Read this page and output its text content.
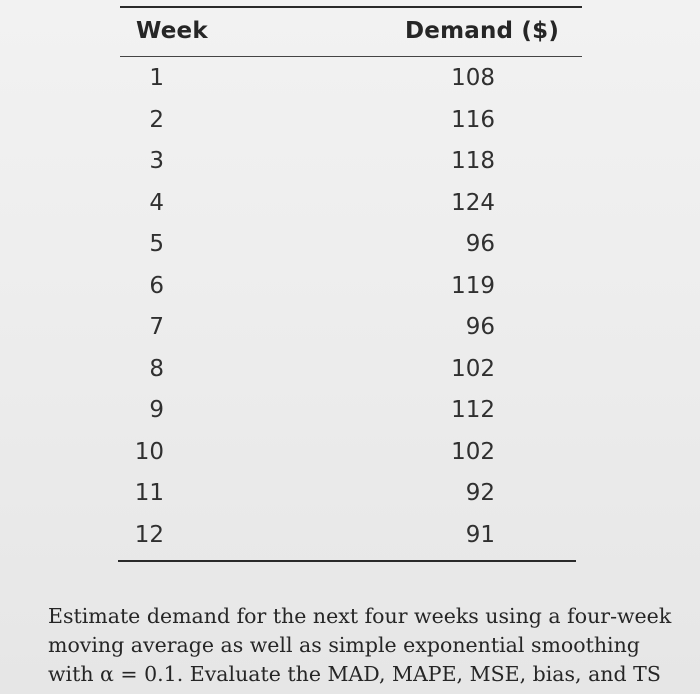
Week	Demand ($)
1	108
2	116
3	118
4	124
5	96
6	119
7	96
8	102
9	112
10	102
11	92
12	91

Estimate demand for the next four weeks using a four-week
moving average as well as simple exponential smoothing
with α = 0.1. Evaluate the MAD, MAPE, MSE, bias, and TS
